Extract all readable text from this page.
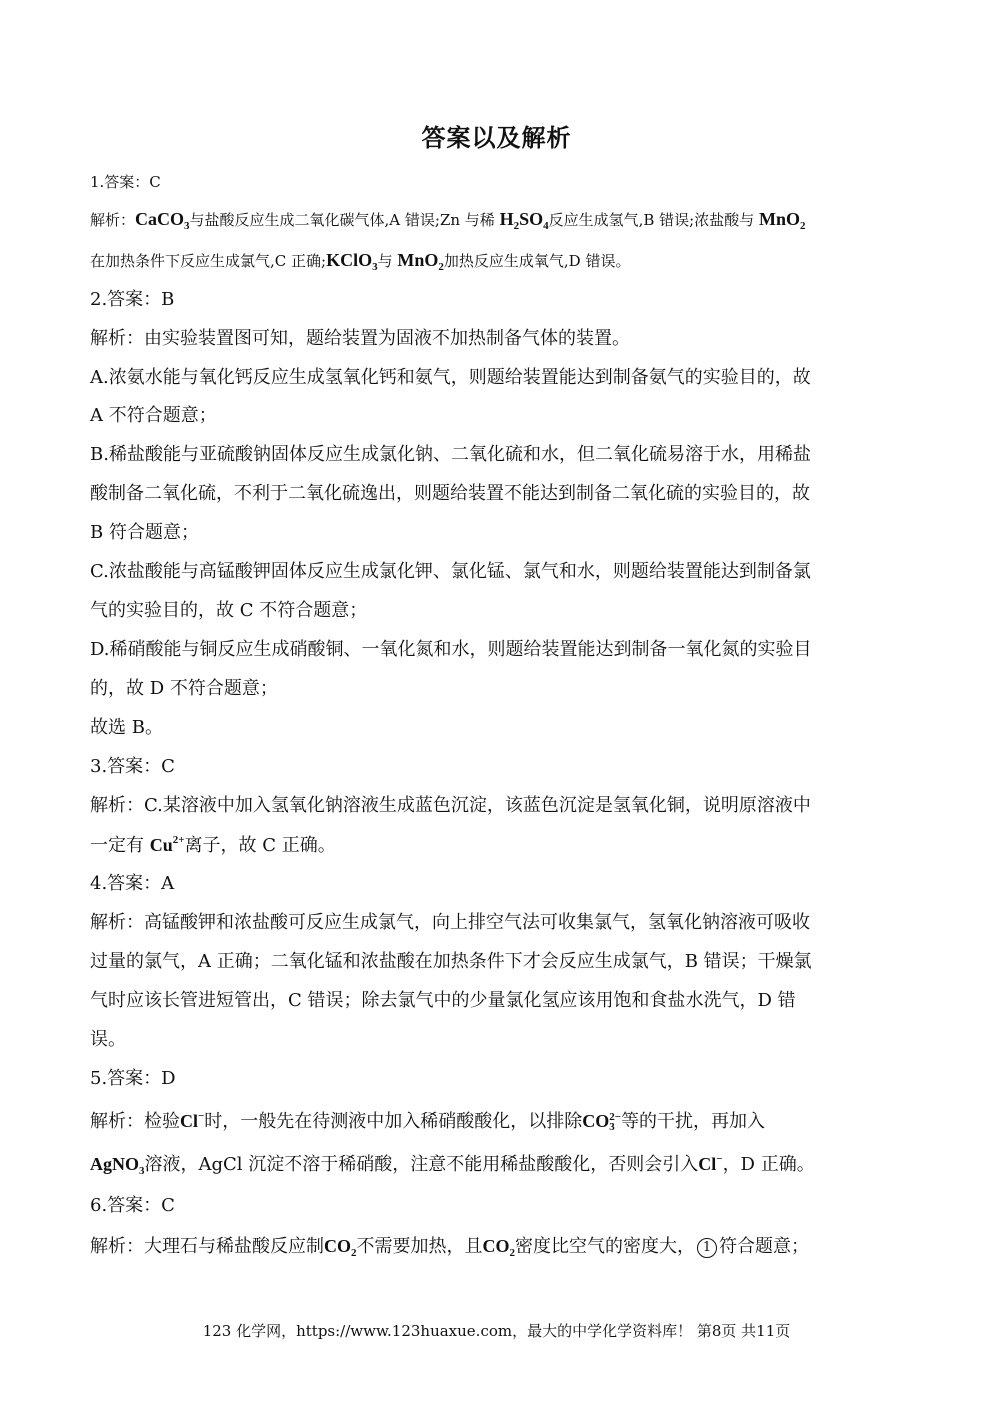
答案以及解析
1.答案：C
解析：CaCO$_3$与盐酸反应生成二氧化碳气体,A 错误;Zn 与稀 $H_2SO_4$反应生成氢气,B 错误;浓盐酸与 MnO$_2$
在加热条件下反应生成氯气,C 正确;KClO$_3$与 MnO$_2$加热反应生成氧气,D 错误。
2.答案：B
解析：由实验装置图可知，题给装置为固液不加热制备气体的装置。
A.浓氨水能与氧化钙反应生成氢氧化钙和氨气，则题给装置能达到制备氨气的实验目的，故
A 不符合题意；
B.稀盐酸能与亚硫酸钠固体反应生成氯化钠、二氧化硫和水，但二氧化硫易溶于水，用稀盐
酸制备二氧化硫，不利于二氧化硫逸出，则题给装置不能达到制备二氧化硫的实验目的，故
B 符合题意；
C.浓盐酸能与高锰酸钾固体反应生成氯化钾、氯化锰、氯气和水，则题给装置能达到制备氯
气的实验目的，故 C 不符合题意；
D.稀硝酸能与铜反应生成硝酸铜、一氧化氮和水，则题给装置能达到制备一氧化氮的实验目
的，故 D 不符合题意；
故选 B。
3.答案：C
解析：C.某溶液中加入氢氧化钠溶液生成蓝色沉淀，该蓝色沉淀是氢氧化铜，说明原溶液中
一定有 $Cu^{2+}$离子，故 C 正确。
4.答案：A
解析：高锰酸钾和浓盐酸可反应生成氯气，向上排空气法可收集氯气，氢氧化钠溶液可吸收
过量的氯气，A 正确；二氧化锰和浓盐酸在加热条件下才会反应生成氯气，B 错误；干燥氯
气时应该长管进短管出，C 错误；除去氯气中的少量氯化氢应该用饱和食盐水洗气，D 错
误。
5.答案：D
解析：检验Cl−时，一般先在待测液中加入稀硝酸酸化，以排除CO2−
3 等的干扰，再加入
AgNO$_3$溶液，AgCl 沉淀不溶于稀硝酸，注意不能用稀盐酸酸化，否则会引入Cl−，D 正确。
6.答案：C
解析：大理石与稀盐酸反应制$CO_2$不需要加热，且$CO_2$密度比空气的密度大， 1 符合题意；
123 化学网，https://www.123huaxue.com，最大的中学化学资料库！ 第8页 共11页
